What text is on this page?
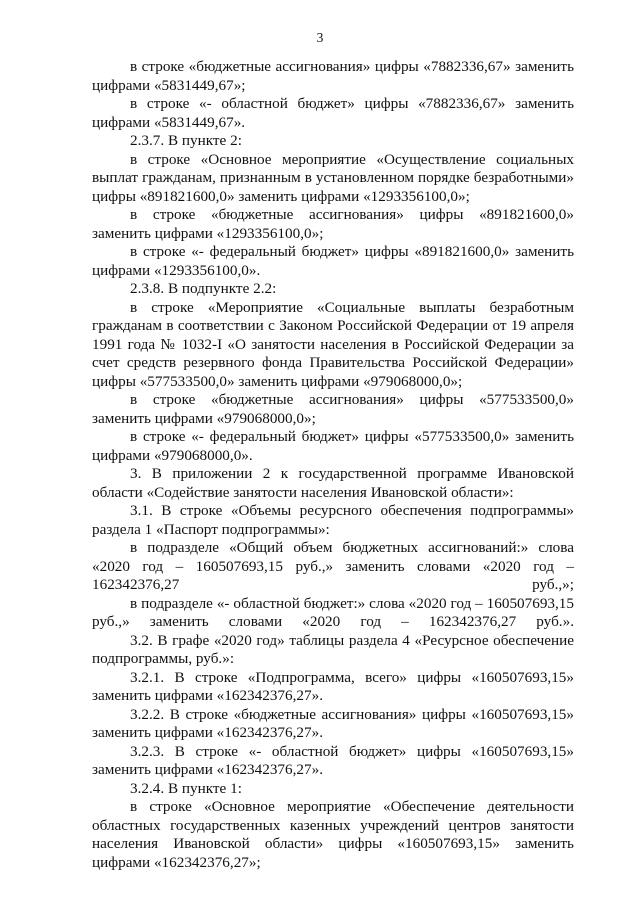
3

в строке «бюджетные ассигнования» цифры «7882336,67» заменить цифрами «5831449,67»;

в строке «- областной бюджет» цифры «7882336,67» заменить цифрами «5831449,67».

2.3.7. В пункте 2:

в строке «Основное мероприятие «Осуществление социальных выплат гражданам, признанным в установленном порядке безработными» цифры «891821600,0» заменить цифрами «1293356100,0»;

в строке «бюджетные ассигнования» цифры «891821600,0» заменить цифрами «1293356100,0»;

в строке «- федеральный бюджет» цифры «891821600,0» заменить цифрами «1293356100,0».

2.3.8. В подпункте 2.2:

в строке «Мероприятие «Социальные выплаты безработным гражданам в соответствии с Законом Российской Федерации от 19 апреля 1991 года № 1032-I «О занятости населения в Российской Федерации за счет средств резервного фонда Правительства Российской Федерации» цифры «577533500,0» заменить цифрами «979068000,0»;

в строке «бюджетные ассигнования» цифры «577533500,0» заменить цифрами «979068000,0»;

в строке «- федеральный бюджет» цифры «577533500,0» заменить цифрами «979068000,0».

3. В приложении 2 к государственной программе Ивановской области «Содействие занятости населения Ивановской области»:

3.1. В строке «Объемы ресурсного обеспечения подпрограммы» раздела 1 «Паспорт подпрограммы»:

в подразделе «Общий объем бюджетных ассигнований:» слова «2020 год – 160507693,15 руб.,» заменить словами «2020 год – 162342376,27 руб.,»;

в подразделе «- областной бюджет:» слова «2020 год – 160507693,15 руб.,» заменить словами «2020 год – 162342376,27 руб.».

3.2. В графе «2020 год» таблицы раздела 4 «Ресурсное обеспечение подпрограммы, руб.»:

3.2.1. В строке «Подпрограмма, всего» цифры «160507693,15» заменить цифрами «162342376,27».

3.2.2. В строке «бюджетные ассигнования» цифры «160507693,15» заменить цифрами «162342376,27».

3.2.3. В строке «- областной бюджет» цифры «160507693,15» заменить цифрами «162342376,27».

3.2.4. В пункте 1:

в строке «Основное мероприятие «Обеспечение деятельности областных государственных казенных учреждений центров занятости населения Ивановской области» цифры «160507693,15» заменить цифрами «162342376,27»;
